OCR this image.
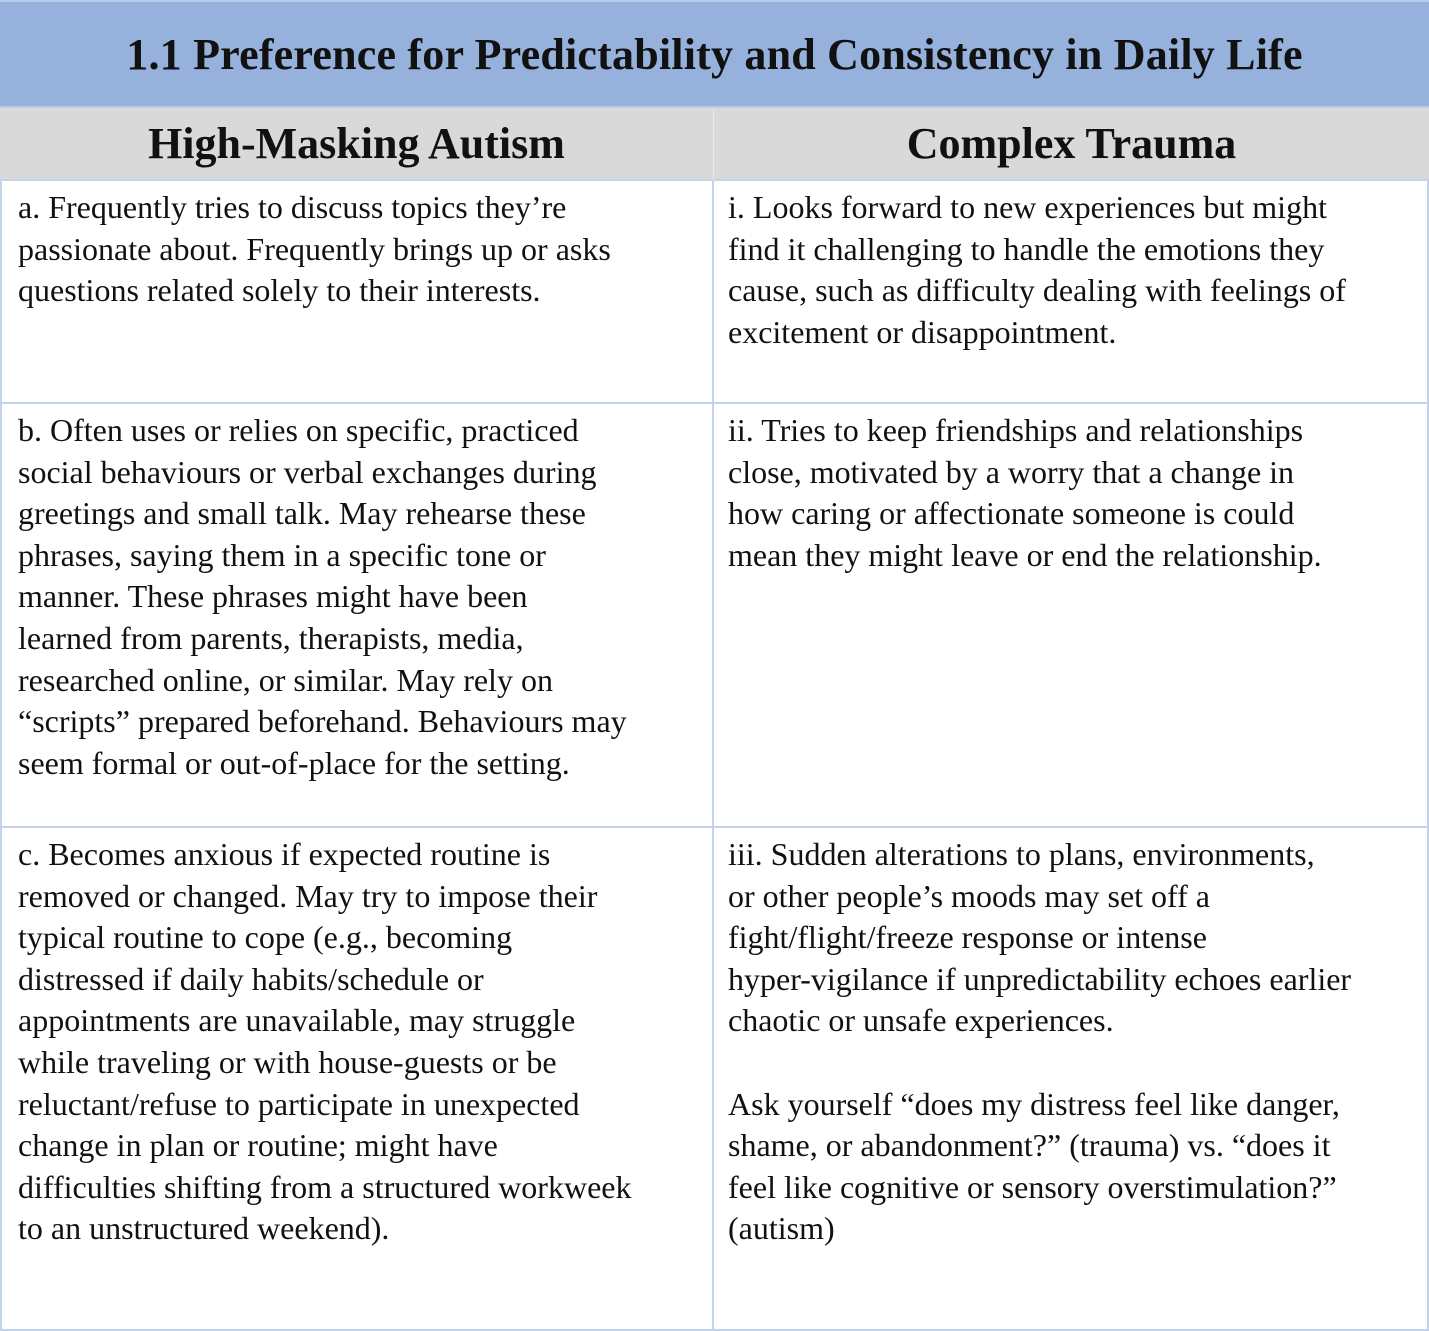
1.1 Preference for Predictability and Consistency in Daily Life
High-Masking Autism	Complex Trauma

a. Frequently tries to discuss topics they’re
passionate about. Frequently brings up or asks
questions related solely to their interests.

i. Looks forward to new experiences but might
find it challenging to handle the emotions they
cause, such as difficulty dealing with feelings of
excitement or disappointment.

b. Often uses or relies on specific, practiced
social behaviours or verbal exchanges during
greetings and small talk. May rehearse these
phrases, saying them in a specific tone or
manner. These phrases might have been
learned from parents, therapists, media,
researched online, or similar. May rely on
“scripts” prepared beforehand. Behaviours may
seem formal or out-of-place for the setting.

ii. Tries to keep friendships and relationships
close, motivated by a worry that a change in
how caring or affectionate someone is could
mean they might leave or end the relationship.

c. Becomes anxious if expected routine is
removed or changed. May try to impose their
typical routine to cope (e.g., becoming
distressed if daily habits/schedule or
appointments are unavailable, may struggle
while traveling or with house-guests or be
reluctant/refuse to participate in unexpected
change in plan or routine; might have
difficulties shifting from a structured workweek
to an unstructured weekend).

iii. Sudden alterations to plans, environments,
or other people’s moods may set off a
fight/flight/freeze response or intense
hyper-vigilance if unpredictability echoes earlier
chaotic or unsafe experiences.

Ask yourself “does my distress feel like danger,
shame, or abandonment?” (trauma) vs. “does it
feel like cognitive or sensory overstimulation?”
(autism)
